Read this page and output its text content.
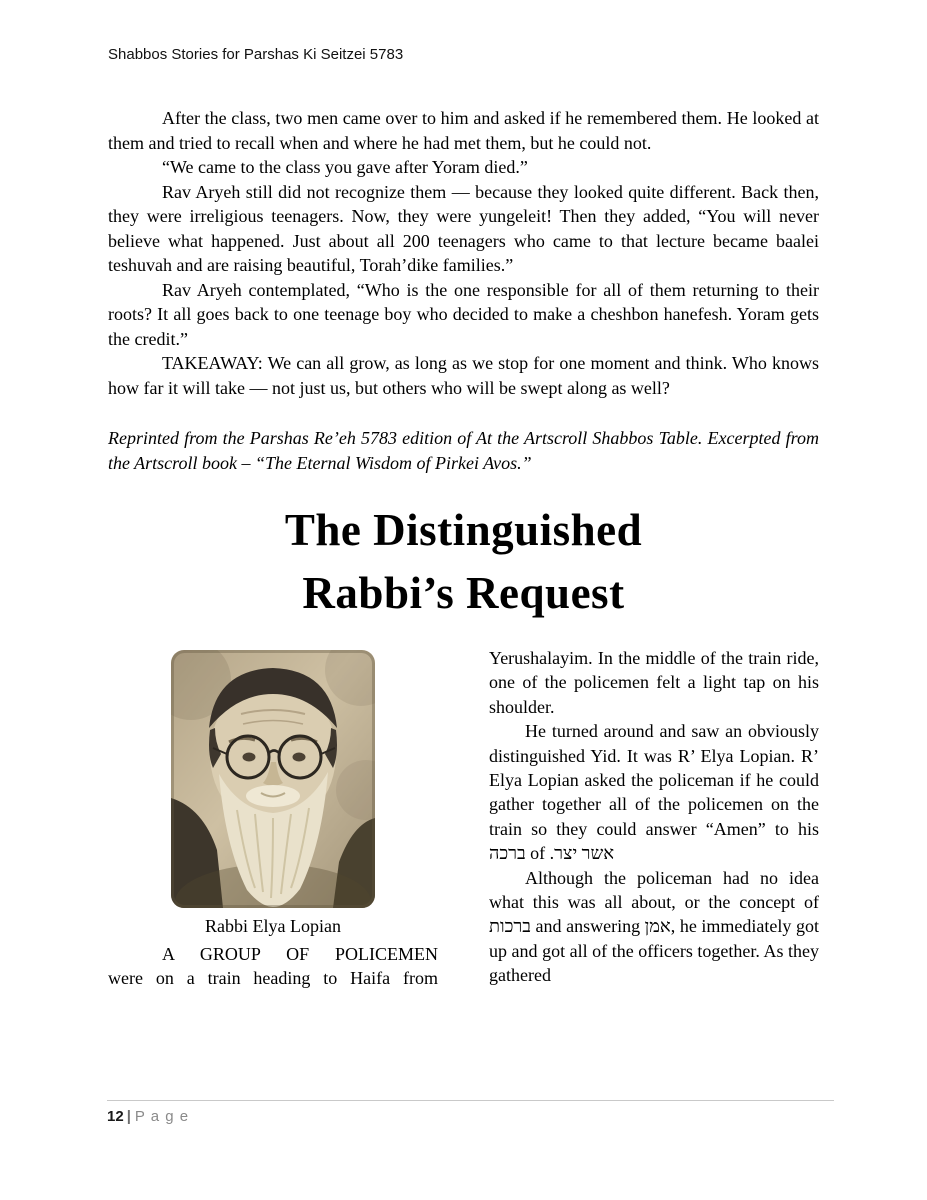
Shabbos Stories for Parshas Ki Seitzei 5783

After the class, two men came over to him and asked if he remembered them. He looked at them and tried to recall when and where he had met them, but he could not.

“We came to the class you gave after Yoram died.”

Rav Aryeh still did not recognize them — because they looked quite different. Back then, they were irreligious teenagers. Now, they were yungeleit! Then they added, “You will never believe what happened. Just about all 200 teenagers who came to that lecture became baalei teshuvah and are raising beautiful, Torah’dike families.”

Rav Aryeh contemplated, “Who is the one responsible for all of them returning to their roots? It all goes back to one teenage boy who decided to make a cheshbon hanefesh. Yoram gets the credit.”

TAKEAWAY: We can all grow, as long as we stop for one moment and think. Who knows how far it will take — not just us, but others who will be swept along as well?

Reprinted from the Parshas Re’eh 5783 edition of At the Artscroll Shabbos Table. Excerpted from the Artscroll book – “The Eternal Wisdom of Pirkei Avos.”

The Distinguished
Rabbi’s Request
Rabbi Elya Lopian

A GROUP OF POLICEMEN
were on a train heading to Haifa from

Yerushalayim. In the middle of the train ride, one of the policemen felt a light tap on his shoulder.

He turned around and saw an obviously distinguished Yid. It was R’ Elya Lopian. R’ Elya Lopian asked the policeman if he could gather together all of the policemen on the train so they could answer “Amen” to his ברכה of אשר יצר.‏

Although the policeman had no idea what this was all about, or the concept of ברכות and answering אמן, he immediately got up and got all of the officers together. As they gathered

12 | P a g e
